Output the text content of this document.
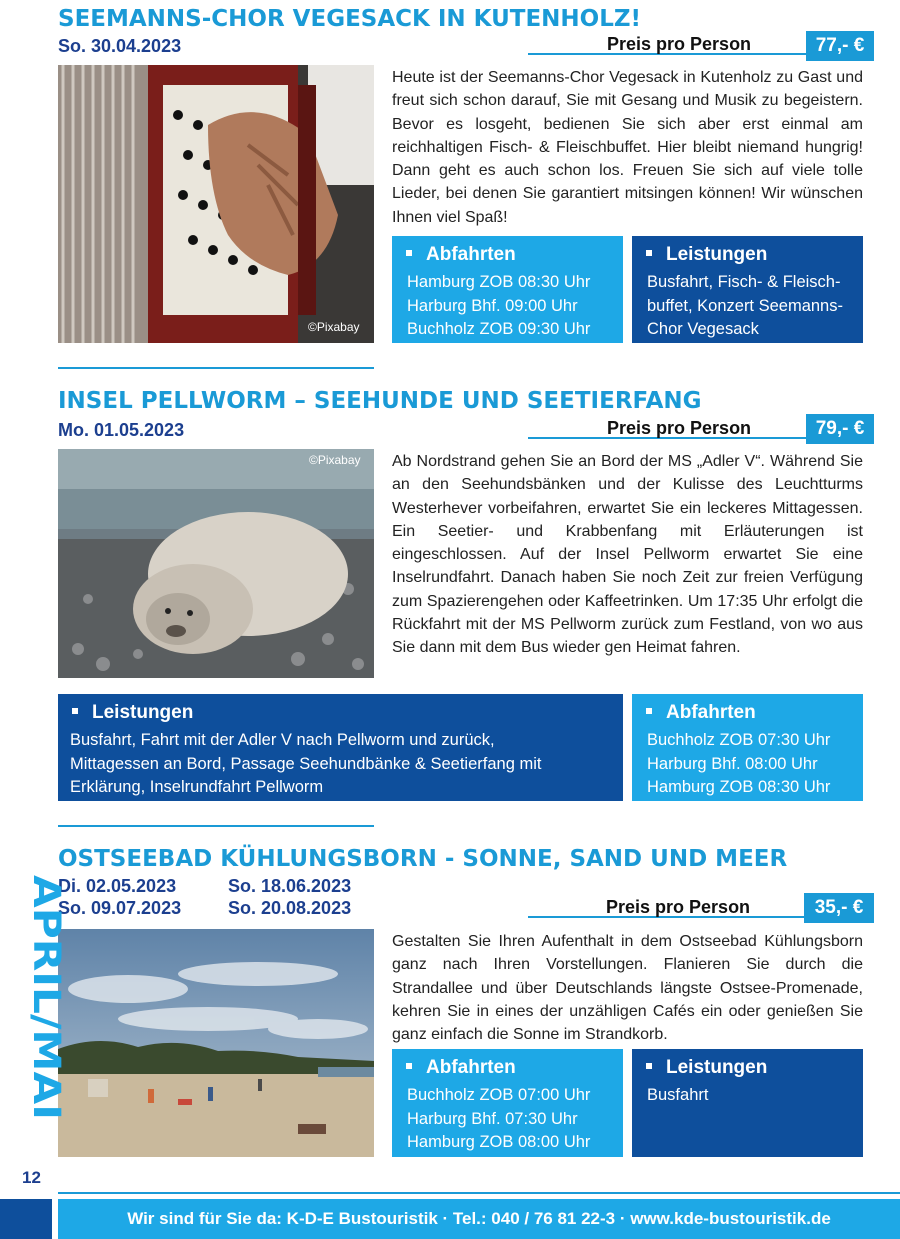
SEEMANNS-CHOR VEGESACK IN KUTENHOLZ!
So. 30.04.2023	Preis pro Person	77,- €
©Pixabay
Heute ist der Seemanns-Chor Vegesack in Kutenholz zu Gast und freut sich schon darauf, Sie mit Gesang und Musik zu begeistern. Bevor es losgeht, bedienen Sie sich aber erst einmal am reichhaltigen Fisch- & Fleischbuffet. Hier bleibt niemand hungrig! Dann geht es auch schon los. Freuen Sie sich auf viele tolle Lieder, bei denen Sie garantiert mitsingen können! Wir wünschen Ihnen viel Spaß!
Abfahrten
Hamburg ZOB 08:30 Uhr
Harburg Bhf. 09:00 Uhr
Buchholz ZOB 09:30 Uhr
Leistungen
Busfahrt, Fisch- & Fleisch-
buffet, Konzert Seemanns-
Chor Vegesack
INSEL PELLWORM – SEEHUNDE UND SEETIERFANG
Mo. 01.05.2023	Preis pro Person	79,- €
©Pixabay Ab Nordstrand gehen Sie an Bord der MS „Adler V“. Während Sie an den Seehundsbänken und der Kulisse des Leuchtturms Westerhever vorbeifahren, erwartet Sie ein leckeres Mittagessen. Ein Seetier- und Krabbenfang mit Erläuterungen ist eingeschlossen. Auf der Insel Pellworm erwartet Sie eine Inselrundfahrt. Danach haben Sie noch Zeit zur freien Verfügung zum Spazierengehen oder Kaffeetrinken. Um 17:35 Uhr erfolgt die Rückfahrt mit der MS Pellworm zurück zum Festland, von wo aus Sie dann mit dem Bus wieder gen Heimat fahren.
Leistungen
Busfahrt, Fahrt mit der Adler V nach Pellworm und zurück,
Mittagessen an Bord, Passage Seehundbänke & Seetierfang mit
Erklärung, Inselrundfahrt Pellworm
Abfahrten
Buchholz ZOB 07:30 Uhr
Harburg Bhf. 08:00 Uhr
Hamburg ZOB 08:30 Uhr
OSTSEEBAD KÜHLUNGSBORN - SONNE, SAND UND MEER
Di. 02.05.2023	So. 18.06.2023
So. 09.07.2023	So. 20.08.2023	Preis pro Person	35,- €
Gestalten Sie Ihren Aufenthalt in dem Ostseebad Kühlungsborn ganz nach Ihren Vorstellungen. Flanieren Sie durch die Strandallee und über Deutschlands längste Ostsee-Promenade, kehren Sie in eines der unzähligen Cafés ein oder genießen Sie ganz einfach die Sonne im Strandkorb.
Abfahrten
Buchholz ZOB 07:00 Uhr
Harburg Bhf. 07:30 Uhr
Hamburg ZOB 08:00 Uhr
Leistungen
Busfahrt
APRIL/MAI
12
Wir sind für Sie da: K-D-E Bustouristik · Tel.: 040 / 76 81 22-3 · www.kde-bustouristik.de
